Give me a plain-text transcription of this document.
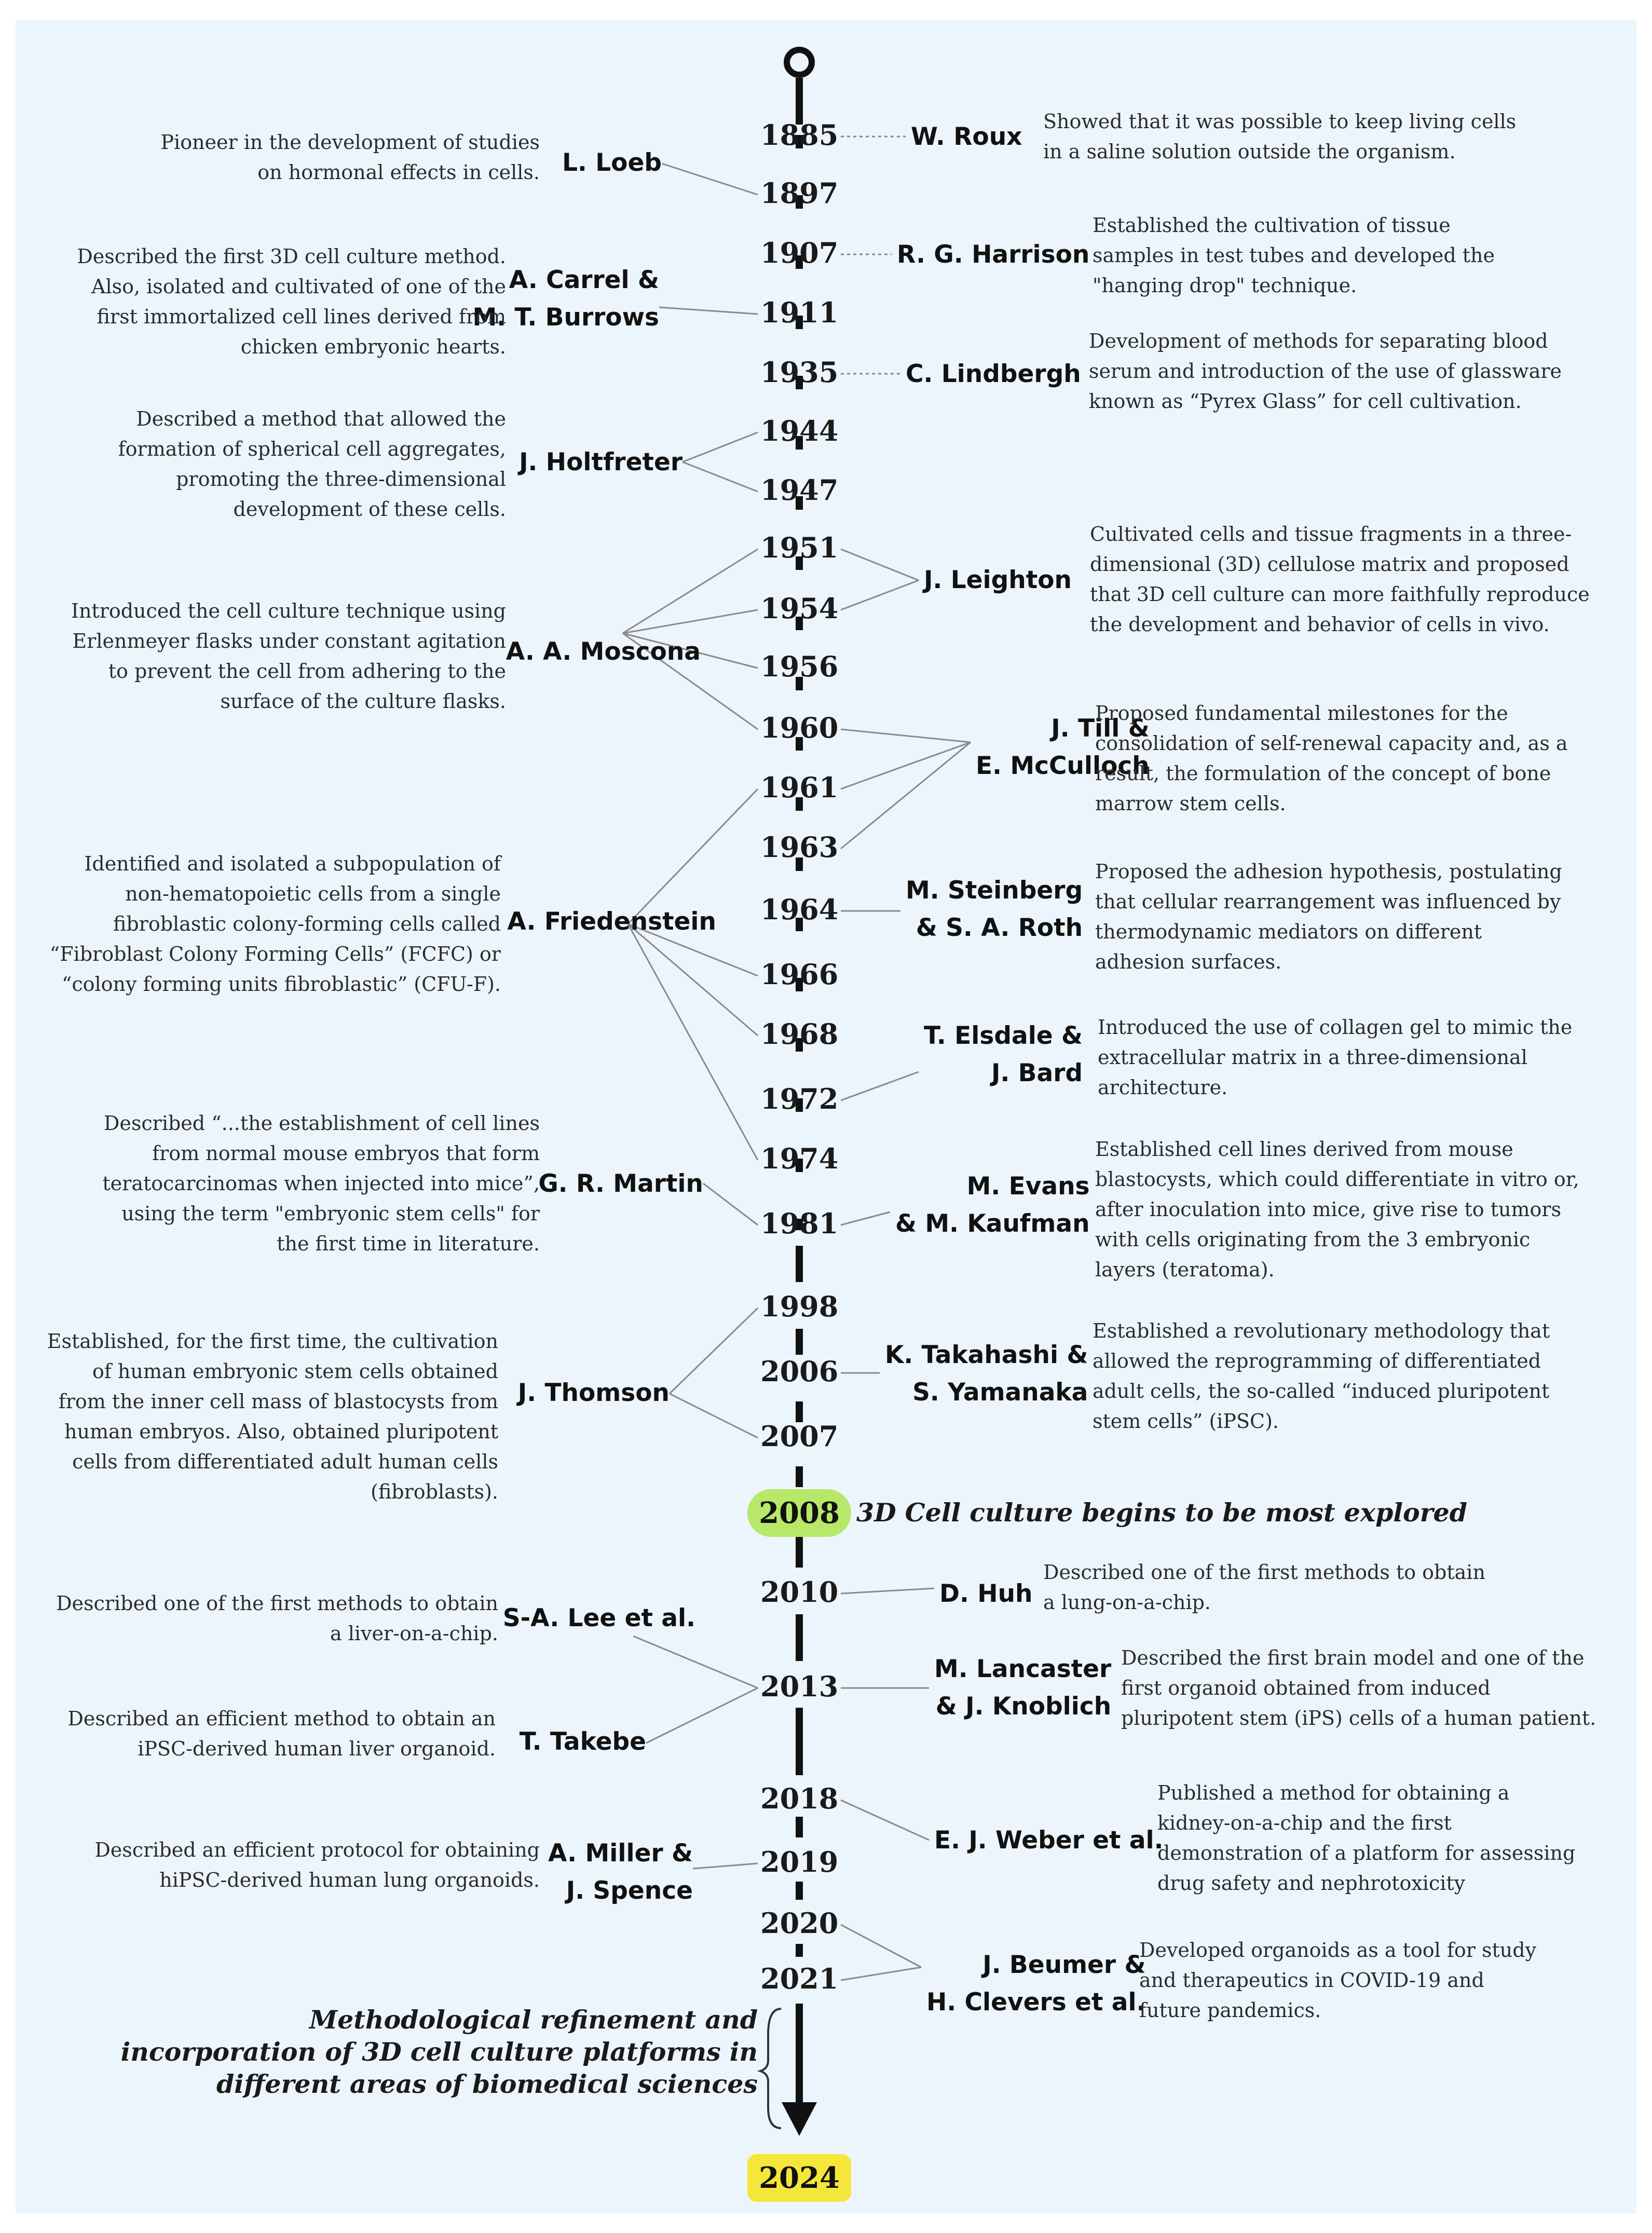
1885
1897
1907
1911
1935
1944
1947
1951
1954
1956
1960
1961
1963
1964
1966
1968
1972
1974
1981
1998
2006
2007
2010
2013
2018
2019
2020
2021
2008
2024
3D Cell culture begins to be most explored
Methodological refinement and
incorporation of 3D cell culture platforms in
different areas of biomedical sciences
L. Loeb
Pioneer in the development of studies
on hormonal effects in cells.
A. Carrel &
M. T. Burrows
Described the first 3D cell culture method.
Also, isolated and cultivated of one of the
first immortalized cell lines derived from
chicken embryonic hearts.
J. Holtfreter
Described a method that allowed the
formation of spherical cell aggregates,
promoting the three-dimensional
development of these cells.
A. A. Moscona
Introduced the cell culture technique using
Erlenmeyer flasks under constant agitation
to prevent the cell from adhering to the
surface of the culture flasks.
A. Friedenstein
Identified and isolated a subpopulation of
non-hematopoietic cells from a single
fibroblastic colony-forming cells called
“Fibroblast Colony Forming Cells” (FCFC) or
“colony forming units fibroblastic” (CFU-F).
G. R. Martin
Described “...the establishment of cell lines
from normal mouse embryos that form
teratocarcinomas when injected into mice”,
using the term "embryonic stem cells" for
the first time in literature.
J. Thomson
Established, for the first time, the cultivation
of human embryonic stem cells obtained
from the inner cell mass of blastocysts from
human embryos. Also, obtained pluripotent
cells from differentiated adult human cells
(fibroblasts).
S-A. Lee et al.
Described one of the first methods to obtain
a liver-on-a-chip.
T. Takebe
Described an efficient method to obtain an
iPSC-derived human liver organoid.
A. Miller &
J. Spence
Described an efficient protocol for obtaining
hiPSC-derived human lung organoids.
W. Roux
Showed that it was possible to keep living cells
in a saline solution outside the organism.
R. G. Harrison
Established the cultivation of tissue
samples in test tubes and developed the
"hanging drop" technique.
C. Lindbergh
Development of methods for separating blood
serum and introduction of the use of glassware
known as “Pyrex Glass” for cell cultivation.
J. Leighton
Cultivated cells and tissue fragments in a three-
dimensional (3D) cellulose matrix and proposed
that 3D cell culture can more faithfully reproduce
the development and behavior of cells in vivo.
J. Till &
E. McCulloch
Proposed fundamental milestones for the
consolidation of self-renewal capacity and, as a
result, the formulation of the concept of bone
marrow stem cells.
M. Steinberg
& S. A. Roth
Proposed the adhesion hypothesis, postulating
that cellular rearrangement was influenced by
thermodynamic mediators on different
adhesion surfaces.
T. Elsdale &
J. Bard
Introduced the use of collagen gel to mimic the
extracellular matrix in a three-dimensional
architecture.
M. Evans
& M. Kaufman
Established cell lines derived from mouse
blastocysts, which could differentiate in vitro or,
after inoculation into mice, give rise to tumors
with cells originating from the 3 embryonic
layers (teratoma).
K. Takahashi &
S. Yamanaka
Established a revolutionary methodology that
allowed the reprogramming of differentiated
adult cells, the so-called “induced pluripotent
stem cells” (iPSC).
D. Huh
Described one of the first methods to obtain
a lung-on-a-chip.
M. Lancaster
& J. Knoblich
Described the first brain model and one of the
first organoid obtained from induced
pluripotent stem (iPS) cells of a human patient.
E. J. Weber et al.
Published a method for obtaining a
kidney-on-a-chip and the first
demonstration of a platform for assessing
drug safety and nephrotoxicity
J. Beumer &
H. Clevers et al.
Developed organoids as a tool for study
and therapeutics in COVID-19 and
future pandemics.
